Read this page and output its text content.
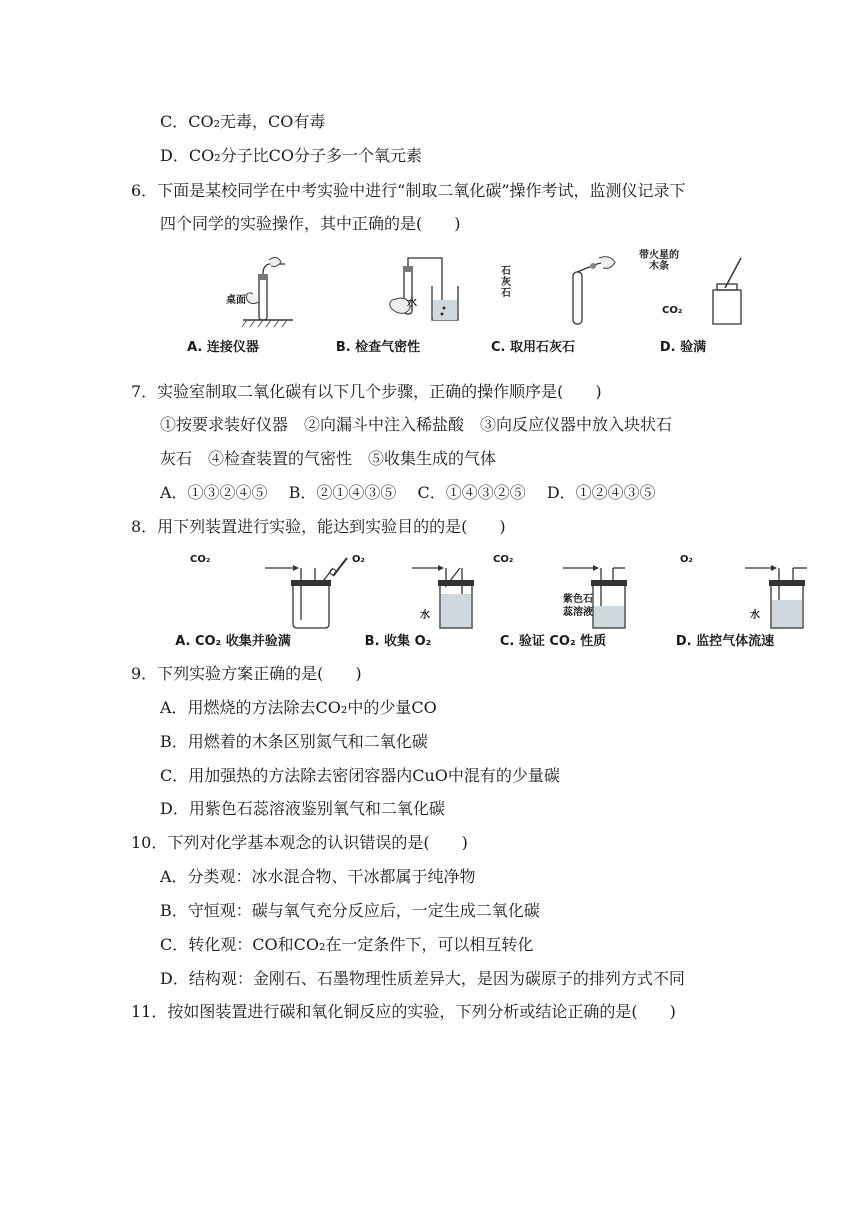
C．CO₂无毒，CO有毒
D．CO₂分子比CO分子多一个氧元素
6．下面是某校同学在中考实验中进行“制取二氧化碳”操作考试，监测仪记录下
四个同学的实验操作，其中正确的是(　　)
桌面
A. 连接仪器
水
B. 检查气密性
石灰石
C. 取用石灰石
带火星的木条
CO₂
D. 验满
7．实验室制取二氧化碳有以下几个步骤，正确的操作顺序是(　　)
①按要求装好仪器　②向漏斗中注入稀盐酸　③向反应仪器中放入块状石
灰石　④检查装置的气密性　⑤收集生成的气体
A．①③②④⑤　 B．②①④③⑤　 C．①④③②⑤　 D．①②④③⑤
8．用下列装置进行实验，能达到实验目的的是(　　)
CO₂
A. CO₂ 收集并验满
O₂
水
B. 收集 O₂
CO₂
紫色石
蕊溶液
C. 验证 CO₂ 性质
O₂
水
D. 监控气体流速
9．下列实验方案正确的是(　　)
A．用燃烧的方法除去CO₂中的少量CO
B．用燃着的木条区别氮气和二氧化碳
C．用加强热的方法除去密闭容器内CuO中混有的少量碳
D．用紫色石蕊溶液鉴别氧气和二氧化碳
10．下列对化学基本观念的认识错误的是(　　)
A．分类观：冰水混合物、干冰都属于纯净物
B．守恒观：碳与氧气充分反应后，一定生成二氧化碳
C．转化观：CO和CO₂在一定条件下，可以相互转化
D．结构观：金刚石、石墨物理性质差异大，是因为碳原子的排列方式不同
11．按如图装置进行碳和氧化铜反应的实验，下列分析或结论正确的是(　　)
